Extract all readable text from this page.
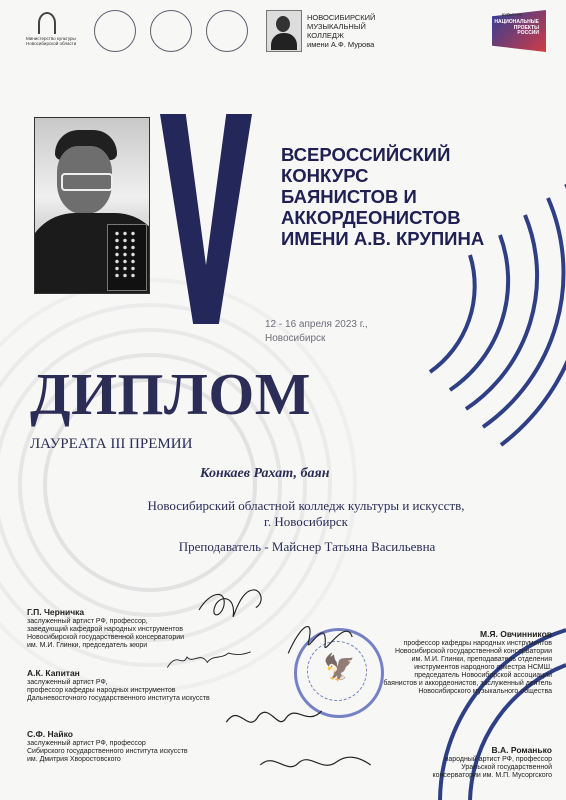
Министерство культуры Новосибирской области
НОВОСИБИРСКИЙ
МУЗЫКАЛЬНЫЙ
КОЛЛЕДЖ
имени А.Ф. Мурова
КУЛЬТУРА
НАЦИОНАЛЬНЫЕ
ПРОЕКТЫ
РОССИИ
ВСЕРОССИЙСКИЙ
КОНКУРС
БАЯНИСТОВ И
АККОРДЕОНИСТОВ
ИМЕНИ А.В. КРУПИНА
12 - 16 апреля 2023 г.,
Новосибирск
ДИПЛОМ
ЛАУРЕАТА III ПРЕМИИ
Конкаев Рахат, баян
Новосибирский областной колледж культуры и искусств,
г. Новосибирск
Преподаватель - Майснер Татьяна Васильевна
Г.П. Черничка
заслуженный артист РФ, профессор,
заведующий кафедрой народных инструментов
Новосибирской государственной консерватории
им. М.И. Глинки, председатель жюри
А.К. Капитан
заслуженный артист РФ,
профессор кафедры народных инструментов
Дальневосточного государственного института искусств
С.Ф. Найко
заслуженный артист РФ, профессор
Сибирского государственного института искусств
им. Дмитрия Хворостовского
М.Я. Овчинников
профессор кафедры народных инструментов
Новосибирской государственной консерватории
им. М.И. Глинки, преподаватель отделения
инструментов народного оркестра НСМШ,
председатель Новосибирской ассоциации
баянистов и аккордеонистов, заслуженный деятель
Новосибирского музыкального общества
В.А. Романько
народный артист РФ, профессор
Уральской государственной
консерватории им. М.П. Мусоргского
🦅
